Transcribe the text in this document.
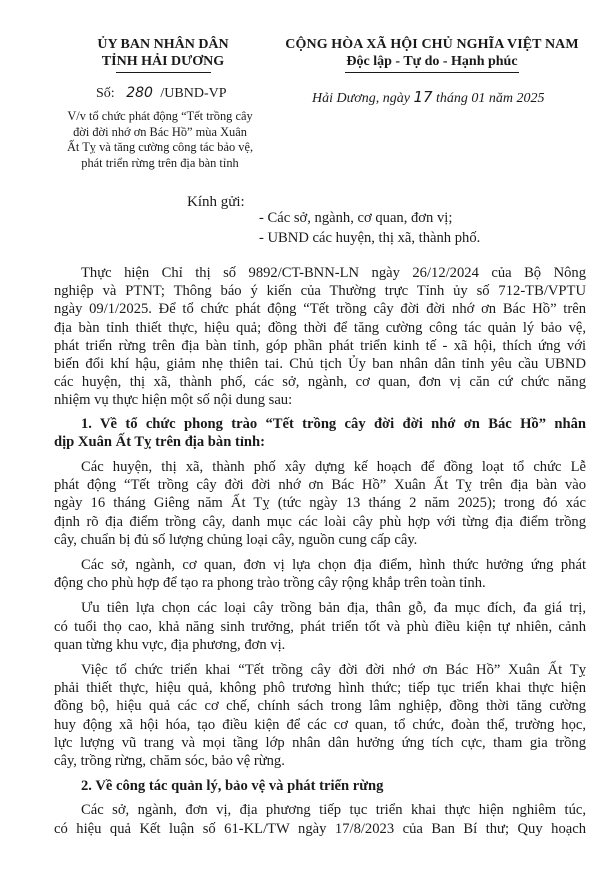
ỦY BAN NHÂN DÂN
TỈNH HẢI DƯƠNG
CỘNG HÒA XÃ HỘI CHỦ NGHĨA VIỆT NAM
Độc lập - Tự do - Hạnh phúc
Số: 280 /UBND-VP	Hải Dương, ngày 17 tháng 01 năm 2025
V/v tổ chức phát động “Tết trồng cây
đời đời nhớ ơn Bác Hồ” mùa Xuân
Ất Tỵ và tăng cường công tác bảo vệ,
phát triển rừng trên địa bàn tỉnh
Kính gửi:
- Các sở, ngành, cơ quan, đơn vị;
- UBND các huyện, thị xã, thành phố.
Thực hiện Chỉ thị số 9892/CT-BNN-LN ngày 26/12/2024 của Bộ Nông
nghiệp và PTNT; Thông báo ý kiến của Thường trực Tỉnh ủy số 712-TB/VPTU
ngày 09/1/2025. Để tổ chức phát động “Tết trồng cây đời đời nhớ ơn Bác Hồ” trên
địa bàn tỉnh thiết thực, hiệu quả; đồng thời để tăng cường công tác quản lý bảo vệ,
phát triển rừng trên địa bàn tỉnh, góp phần phát triển kinh tế - xã hội, thích ứng với
biến đổi khí hậu, giảm nhẹ thiên tai. Chủ tịch Ủy ban nhân dân tỉnh yêu cầu UBND
các huyện, thị xã, thành phố, các sở, ngành, cơ quan, đơn vị căn cứ chức năng
nhiệm vụ thực hiện một số nội dung sau:
1. Về tổ chức phong trào “Tết trồng cây đời đời nhớ ơn Bác Hồ” nhân
dịp Xuân Ất Tỵ trên địa bàn tỉnh:
Các huyện, thị xã, thành phố xây dựng kế hoạch để đồng loạt tổ chức Lễ
phát động “Tết trồng cây đời đời nhớ ơn Bác Hồ” Xuân Ất Tỵ trên địa bàn vào
ngày 16 tháng Giêng năm Ất Tỵ (tức ngày 13 tháng 2 năm 2025); trong đó xác
định rõ địa điểm trồng cây, danh mục các loài cây phù hợp với từng địa điểm trồng
cây, chuẩn bị đủ số lượng chủng loại cây, nguồn cung cấp cây.
Các sở, ngành, cơ quan, đơn vị lựa chọn địa điểm, hình thức hưởng ứng phát
động cho phù hợp để tạo ra phong trào trồng cây rộng khắp trên toàn tỉnh.
Ưu tiên lựa chọn các loại cây trồng bản địa, thân gỗ, đa mục đích, đa giá trị,
có tuổi thọ cao, khả năng sinh trưởng, phát triển tốt và phù điều kiện tự nhiên, cảnh
quan từng khu vực, địa phương, đơn vị.
Việc tổ chức triển khai “Tết trồng cây đời đời nhớ ơn Bác Hồ” Xuân Ất Tỵ
phải thiết thực, hiệu quả, không phô trương hình thức; tiếp tục triển khai thực hiện
đồng bộ, hiệu quả các cơ chế, chính sách trong lâm nghiệp, đồng thời tăng cường
huy động xã hội hóa, tạo điều kiện để các cơ quan, tổ chức, đoàn thể, trường học,
lực lượng vũ trang và mọi tầng lớp nhân dân hưởng ứng tích cực, tham gia trồng
cây, trồng rừng, chăm sóc, bảo vệ rừng.
2. Về công tác quản lý, bảo vệ và phát triển rừng
Các sở, ngành, đơn vị, địa phương tiếp tục triển khai thực hiện nghiêm túc,
có hiệu quả Kết luận số 61-KL/TW ngày 17/8/2023 của Ban Bí thư; Quy hoạch
